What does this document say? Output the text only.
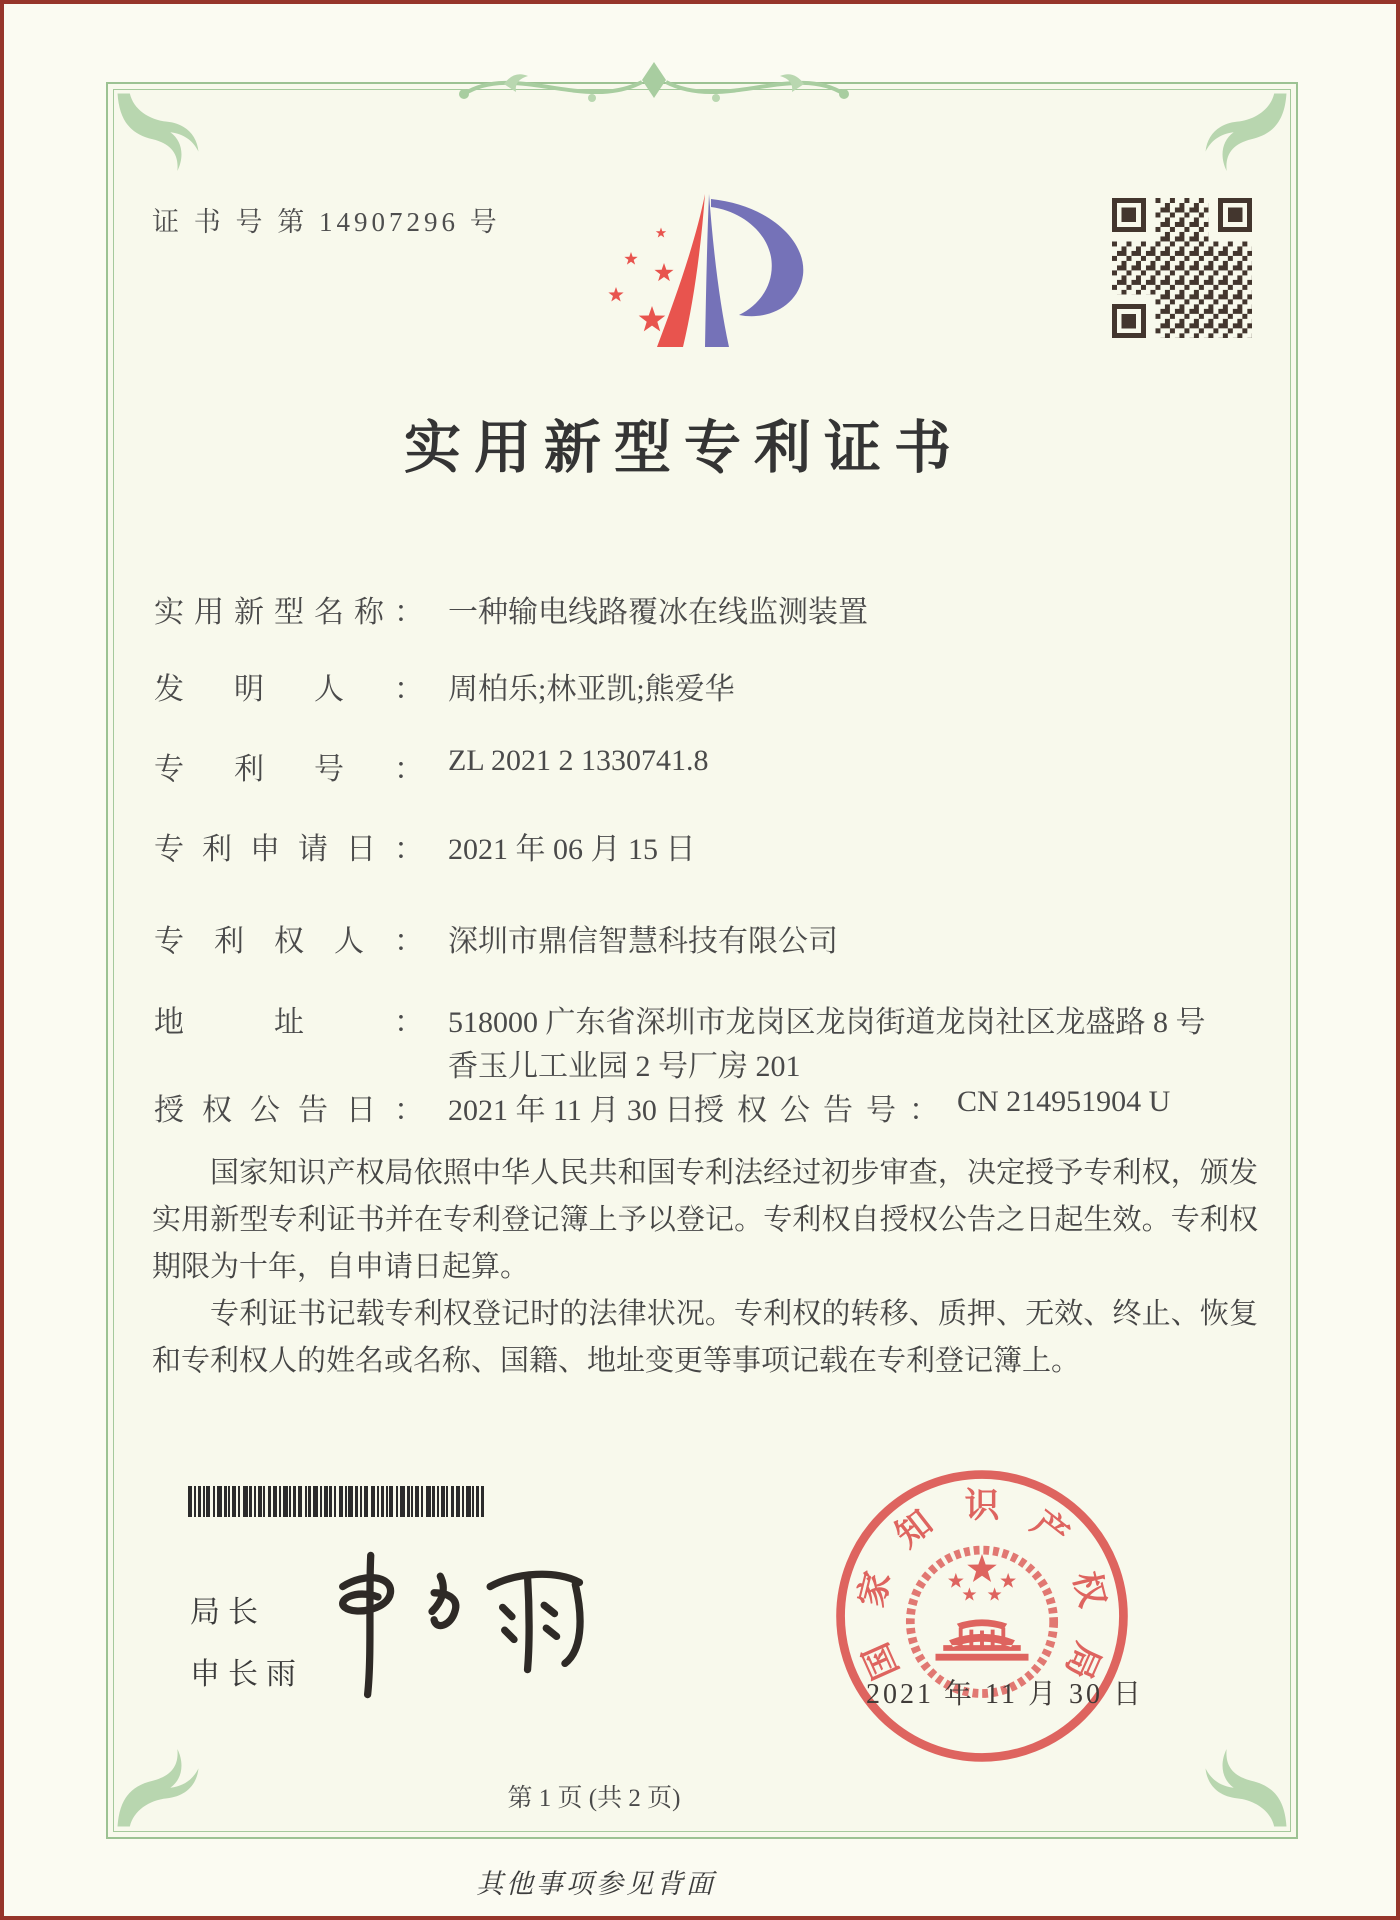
证 书 号 第 14907296 号
实用新型专利证书
实用新型名称： 一种输电线路覆冰在线监测装置
发明人： 周柏乐;林亚凯;熊爱华
专利号： ZL 2021 2 1330741.8
专利申请日： 2021 年 06 月 15 日
专利权人： 深圳市鼎信智慧科技有限公司
地址： 518000 广东省深圳市龙岗区龙岗街道龙岗社区龙盛路 8 号
香玉儿工业园 2 号厂房 201
授权公告日： 2021 年 11 月 30 日 授权公告号： CN 214951904 U

国家知识产权局依照中华人民共和国专利法经过初步审查，决定授予专利权，颁发实用新型专利证书并在专利登记簿上予以登记。专利权自授权公告之日起生效。专利权期限为十年，自申请日起算。

专利证书记载专利权登记时的法律状况。专利权的转移、质押、无效、终止、恢复和专利权人的姓名或名称、国籍、地址变更等事项记载在专利登记簿上。

局长
申长雨	国
家
知 识 产
权
局
2021 年 11 月 30 日
第 1 页 (共 2 页)
其他事项参见背面
